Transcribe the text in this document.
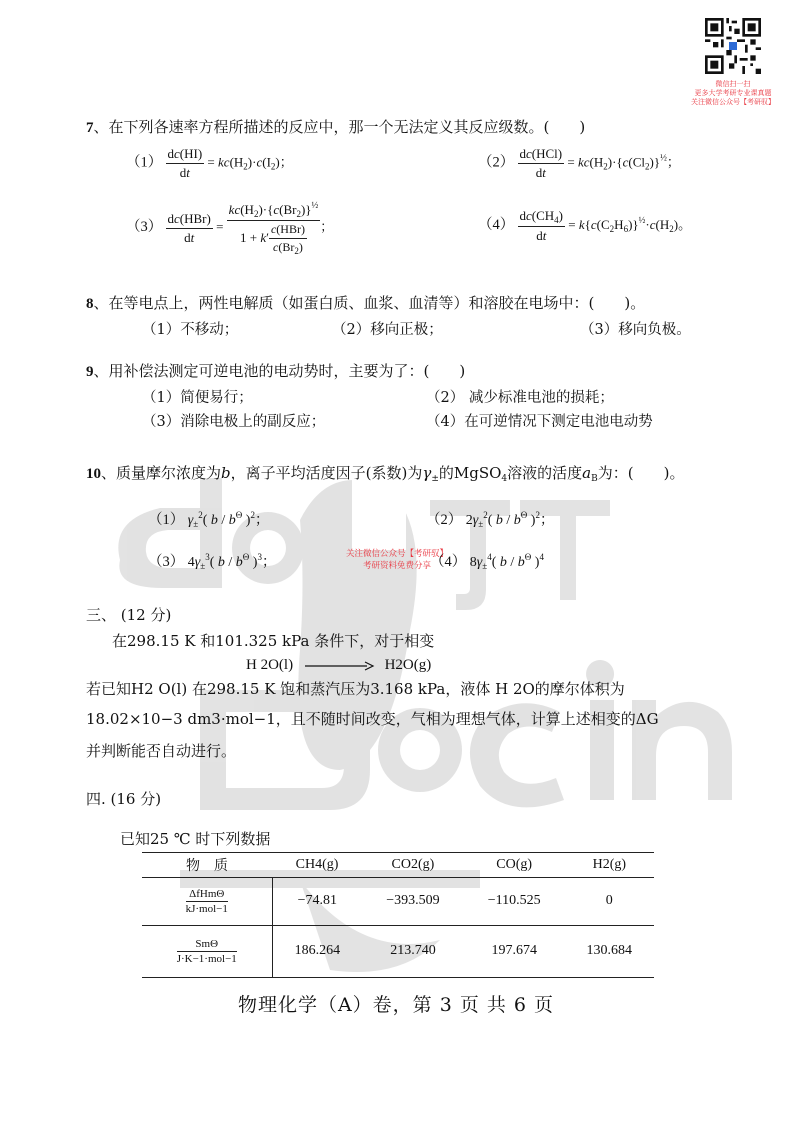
关注微信公众号【考研驭】
考研资料免费分享
微信扫一扫
更多大学考研专业课真题
关注微信公众号【考研驭】
7、在下列各速率方程所描述的反应中，那一个无法定义其反应级数。(　　)
$(1) \frac{dc(HI)}{dt} = kc(H_2)\cdot c(I_2)$；	$(2) \frac{\text{dc(HCl)}}{dt} = kc(H_2)\cdot\{c(Cl_2)\}^{\frac{1}{2}}$；
$(3) \frac{\text{dc(HBr)}}{dt} = \frac{kc(H_2)\cdot\{c(Br_2)\}^{\frac{1}{2}}}{1 + k' \frac{\text{c(HBr)}}{c(Br_2)}}$ ；	$(4) \frac{dc(CH_4)}{dt} = k\{c(C_2H_6)\}^{\frac{1}{2}}\cdot c(H_2)$。
8、在等电点上，两性电解质（如蛋白质、血浆、血清等）和溶胶在电场中：(　　)。
（1）不移动；	（2）移向正极；	（3）移向负极。
9、用补偿法测定可逆电池的电动势时，主要为了：(　　)
（1）简便易行；	（2） 减少标准电池的损耗；
（3）消除电极上的副反应；	（4）在可逆情况下测定电池电动势
10、质量摩尔浓度为b，离子平均活度因子(系数)为$\gamma_\pm$的MgSO$_4$溶液的活度$a_B$为：(　　)。
（1） $\gamma_\pm^2$( b / $b^\Theta$ )$^2$；	（2） $2\gamma_\pm^2$( b / $b^\Theta$ )$^2$；
（3） $4\gamma_\pm^3$( b / $b^\Theta$ )$^3$；	（4） $8\gamma_\pm^4$( b / $b^\Theta$ )$^4$
三、 (12 分)
在298.15 K 和101.325 kPa 条件下，对于相变
H 2O(l)	H2O(g)
若已知H2 O(l) 在298.15 K 饱和蒸汽压为3.168 kPa，液体 H 2O的摩尔体积为
18.02×10−3 dm3·mol−1，且不随时间改变，气相为理想气体，计算上述相变的ΔG
并判断能否自动进行。
四. (16 分)
已知25 ℃ 时下列数据
物　质	CH4(g)	CO2(g)	CO(g)	H2(g)

$\frac{\text{ΔfHmΘ}}{\text{kJ·mol−1}}$	−74.81	−393.509	−110.525	0

$\frac{\text{SmΘ}}{\text{J·K−1·mol−1}}$	186.264	213.740	197.674	130.684
物理化学（A）卷，第 3 页 共 6 页
